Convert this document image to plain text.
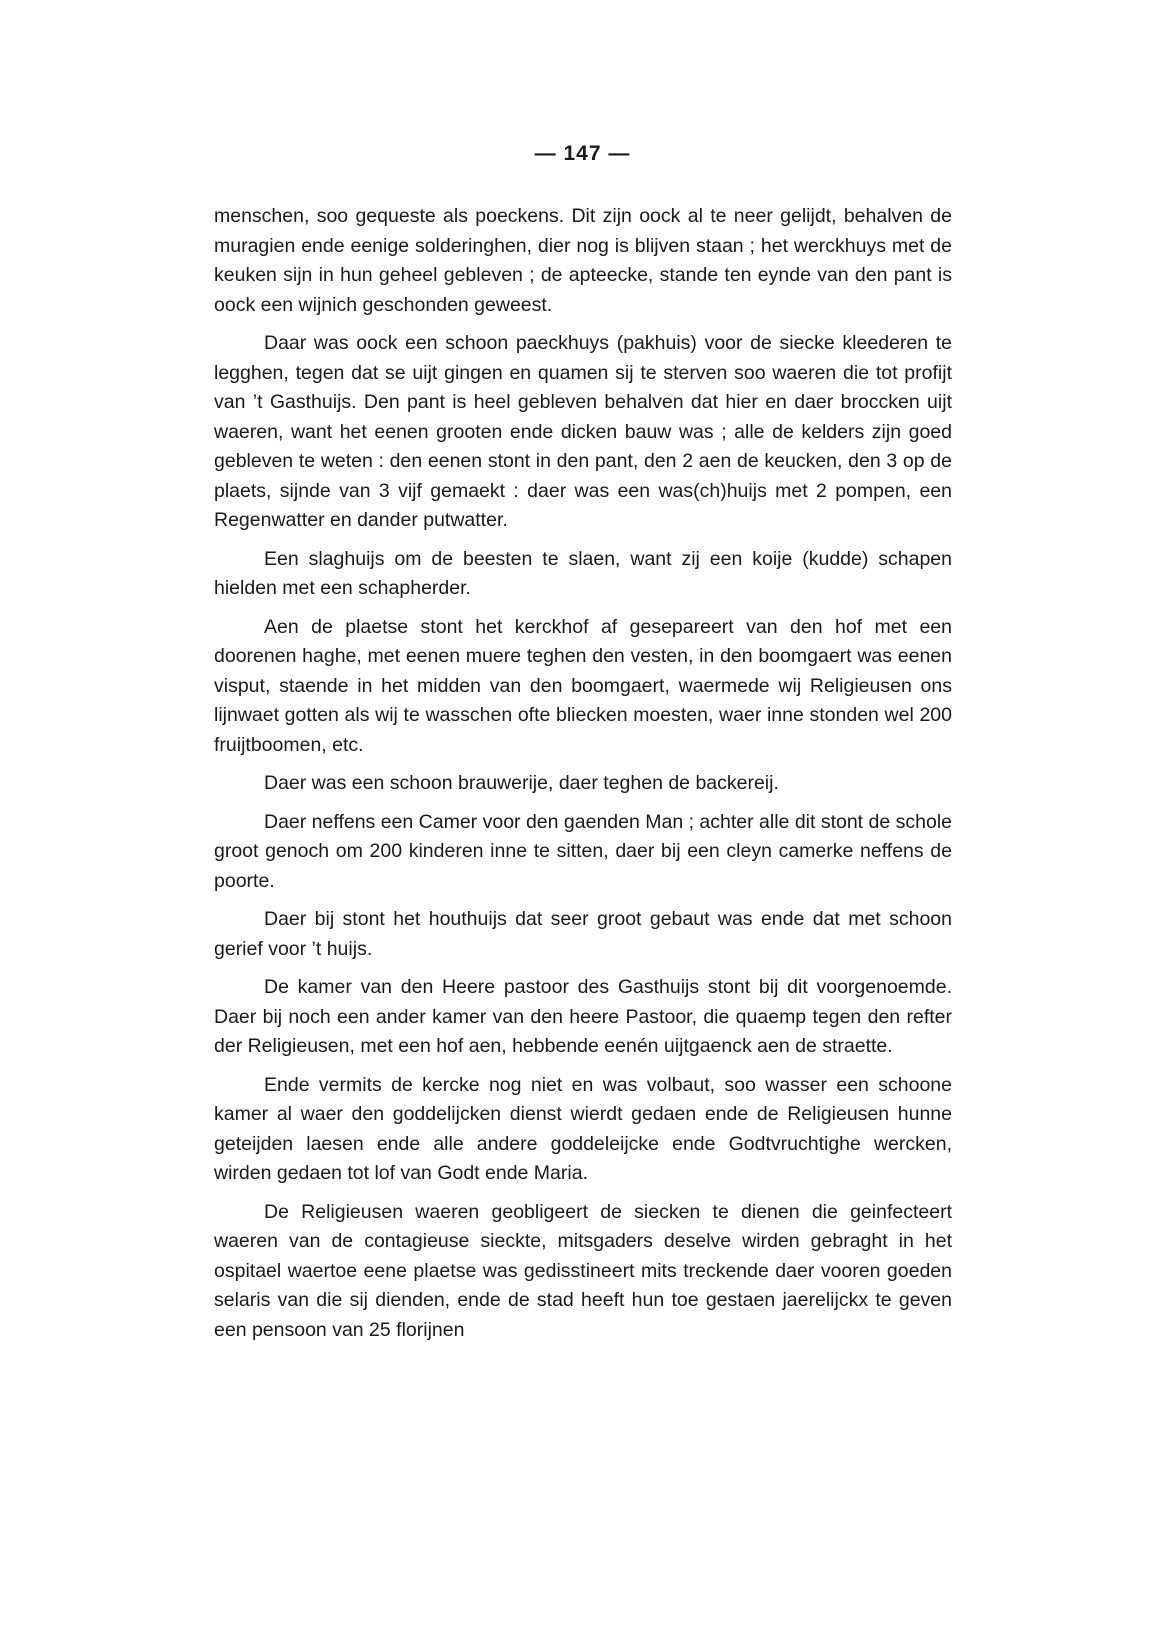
— 147 —

menschen, soo gequeste als poeckens. Dit zijn oock al te neer gelijdt, behalven de muragien ende eenige solderinghen, dier nog is blijven staan ; het werckhuys met de keuken sijn in hun geheel gebleven ; de apteecke, stande ten eynde van den pant is oock een wijnich geschonden geweest.

Daar was oock een schoon paeckhuys (pakhuis) voor de siecke kleederen te legghen, tegen dat se uijt gingen en quamen sij te sterven soo waeren die tot profijt van ’t Gasthuijs. Den pant is heel gebleven behalven dat hier en daer broccken uijt waeren, want het eenen grooten ende dicken bauw was ; alle de kelders zijn goed gebleven te weten : den eenen stont in den pant, den 2 aen de keucken, den 3 op de plaets, sijnde van 3 vijf gemaekt : daer was een was(ch)huijs met 2 pompen, een Regenwatter en dander putwatter.

Een slaghuijs om de beesten te slaen, want zij een koije (kudde) schapen hielden met een schapherder.

Aen de plaetse stont het kerckhof af gesepareert van den hof met een doorenen haghe, met eenen muere teghen den vesten, in den boomgaert was eenen visput, staende in het midden van den boomgaert, waermede wij Religieusen ons lijnwaet gotten als wij te wasschen ofte bliecken moesten, waer inne stonden wel 200 fruijtboomen, etc.

Daer was een schoon brauwerije, daer teghen de backereij.

Daer neffens een Camer voor den gaenden Man ; achter alle dit stont de schole groot genoch om 200 kinderen inne te sitten, daer bij een cleyn camerke neffens de poorte.

Daer bij stont het houthuijs dat seer groot gebaut was ende dat met schoon gerief voor ’t huijs.

De kamer van den Heere pastoor des Gasthuijs stont bij dit voorgenoemde. Daer bij noch een ander kamer van den heere Pastoor, die quaemp tegen den refter der Religieusen, met een hof aen, hebbende eenén uijtgaenck aen de straette.

Ende vermits de kercke nog niet en was volbaut, soo wasser een schoone kamer al waer den goddelijcken dienst wierdt gedaen ende de Religieusen hunne geteijden laesen ende alle andere goddeleijcke ende Godtvruchtighe wercken, wirden gedaen tot lof van Godt ende Maria.

De Religieusen waeren geobligeert de siecken te dienen die geinfecteert waeren van de contagieuse sieckte, mitsgaders deselve wirden gebraght in het ospitael waertoe eene plaetse was gedisstineert mits treckende daer vooren goeden selaris van die sij dienden, ende de stad heeft hun toe gestaen jaerelijckx te geven een pensoon van 25 florijnen
